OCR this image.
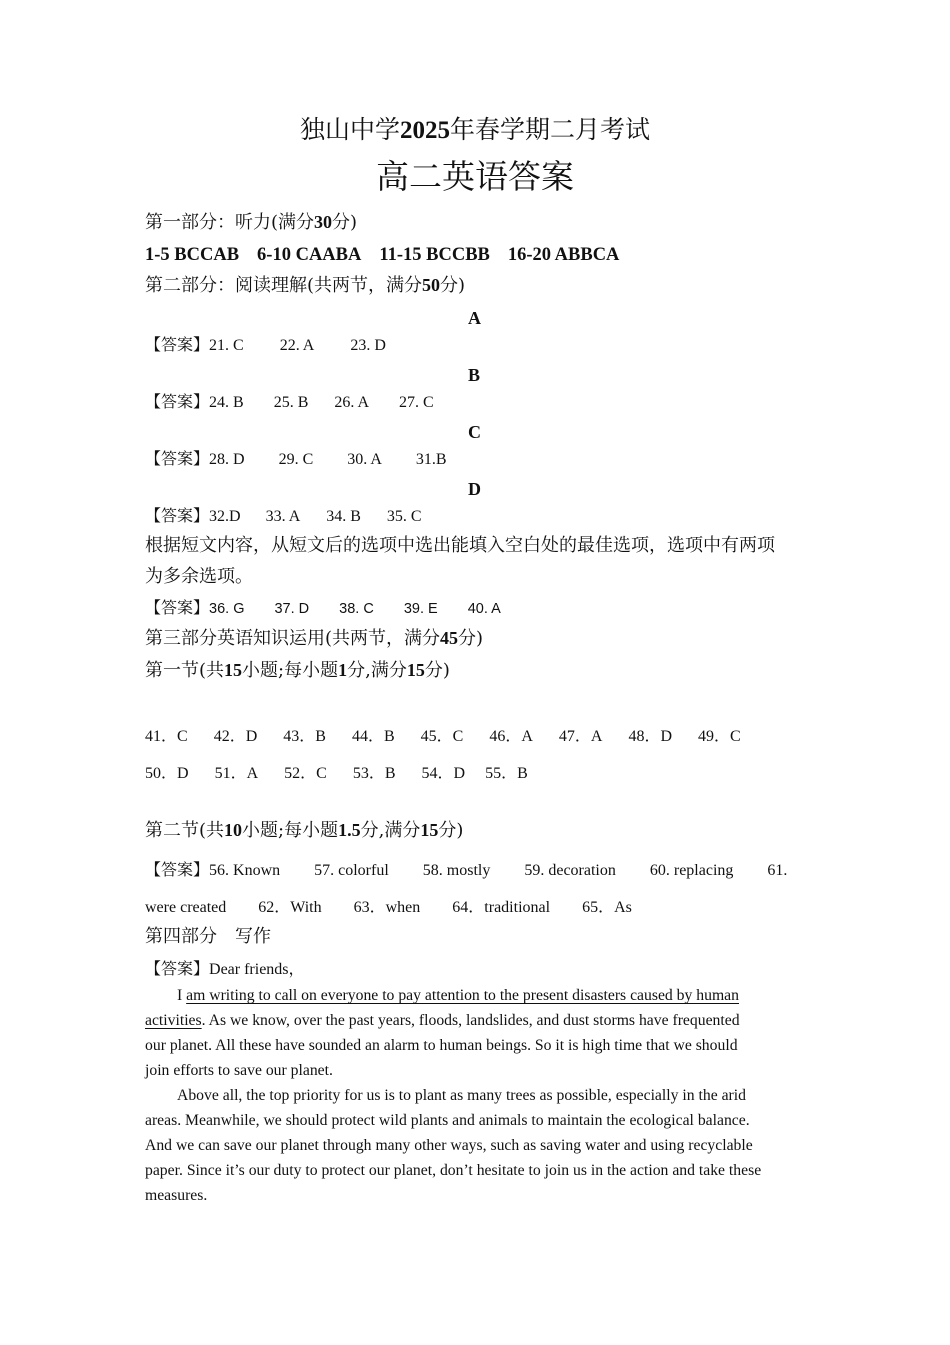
独山中学2025年春学期二月考试
高二英语答案
第一部分：听力(满分30分)
1-5 BCCAB 6-10 CAABA 11-15 BCCBB 16-20 ABBCA
第二部分：阅读理解(共两节，满分50分)
A
【答案】21. C 22. A 23. D
B
【答案】24. B 25. B 26. A 27. C
C
【答案】28. D 29. C 30. A 31.B
D
【答案】32.D 33. A 34. B 35. C
根据短文内容，从短文后的选项中选出能填入空白处的最佳选项，选项中有两项
为多余选项。
【答案】36. G 37. D 38. C 39. E 40. A
第三部分英语知识运用(共两节，满分45分)
第一节(共15小题;每小题1分,满分15分)
41．C 42．D 43．B 44．B 45．C 46．A 47．A 48．D 49．C
50．D 51．A 52．C 53．B 54．D 55．B
第二节(共10小题;每小题1.5分,满分15分)
【答案】56. Known 57. colorful 58. mostly 59. decoration 60. replacing 61.
were created 62．With 63．when 64．traditional 65．As
第四部分　写作
【答案】Dear friends，
I am writing to call on everyone to pay attention to the present disasters caused by human
activities. As we know, over the past years, floods, landslides, and dust storms have frequented
our planet. All these have sounded an alarm to human beings. So it is high time that we should
join efforts to save our planet.
Above all, the top priority for us is to plant as many trees as possible, especially in the arid
areas. Meanwhile, we should protect wild plants and animals to maintain the ecological balance.
And we can save our planet through many other ways, such as saving water and using recyclable
paper. Since it’s our duty to protect our planet, don’t hesitate to join us in the action and take these
measures.
